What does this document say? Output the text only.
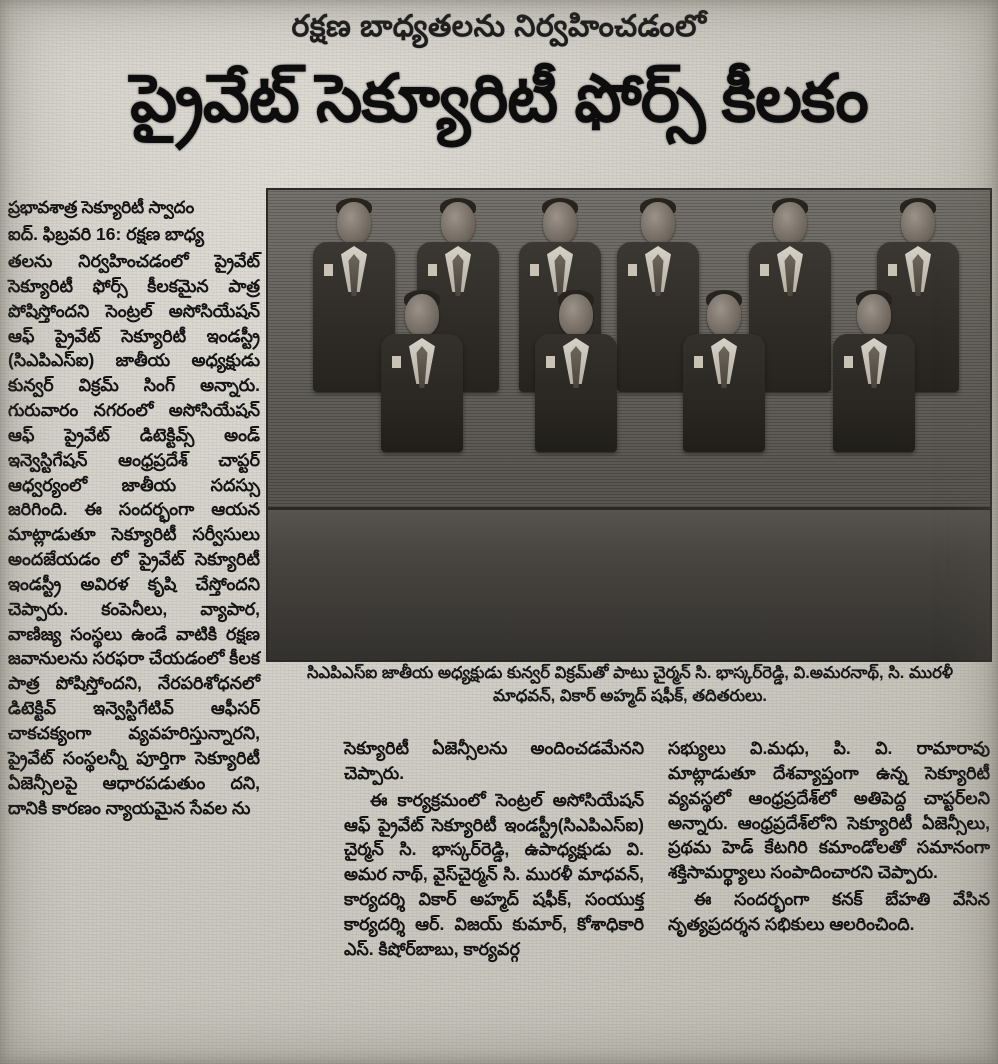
రక్షణ బాధ్యతలను నిర్వహించడంలో
ప్రైవేట్ సెక్యూరిటీ ఫోర్స్ కీలకం
సిఎపిఎస్ఐ జాతీయ అధ్యక్షుడు కున్వర్ విక్రమ్‌తో పాటు చైర్మన్ సి. భాస్కర్‌రెడ్డి, వి.అమరనాథ్, సి. మురళీ మాధవన్, వికార్ అహ్మద్ షఫీక్, తదితరులు.

ప్రభావశాత్ర సెక్యూరిటీ స్వాదం

ఐద్. ఫిబ్రవరి 16: రక్షణ బాధ్య

తలను నిర్వహించడంలో ప్రైవేట్ సెక్యూరిటీ ఫోర్స్ కీలకమైన పాత్ర పోషిస్తోందని సెంట్రల్ అసోసియేషన్ ఆఫ్ ప్రైవేట్ సెక్యూరిటీ ఇండస్ట్రీ (సిఎపిఎస్ఐ) జాతీయ అధ్యక్షుడు కున్వర్ విక్రమ్ సింగ్ అన్నారు. గురువారం నగరంలో అసోసియేషన్ ఆఫ్ ప్రైవేట్ డిటెక్టివ్స్ అండ్ ఇన్వెస్టిగేషన్ ఆంధ్రప్రదేశ్ చాప్టర్ ఆధ్వర్యంలో జాతీయ సదస్సు జరిగింది. ఈ సందర్భంగా ఆయన మాట్లాడుతూ సెక్యూరిటీ సర్వీసులు అందజేయడం లో ప్రైవేట్ సెక్యూరిటీ ఇండస్ట్రీ అవిరళ కృషి చేస్తోందని చెప్పారు. కంపెనీలు, వ్యాపార, వాణిజ్య సంస్థలు ఉండే వాటికి రక్షణ జవానులను సరఫరా చేయడంలో కీలక పాత్ర పోషిస్తోందని, నేరపరిశోధనలో డిటెక్టివ్ ఇన్వెస్టిగేటివ్ ఆఫీసర్ చాకచక్యంగా వ్యవహరిస్తున్నారని, ప్రైవేట్ సంస్థలన్నీ పూర్తిగా సెక్యూరిటీ ఏజెన్సీలపై ఆధారపడుతుం దని, దానికి కారణం న్యాయమైన సేవల ను

సెక్యూరిటీ ఏజెన్సీలను అందించడమేనని చెప్పారు.

ఈ కార్యక్రమంలో సెంట్రల్ అసోసియేషన్ ఆఫ్ ప్రైవేట్ సెక్యూరిటీ ఇండస్ట్రీ(సిఎపిఎస్ఐ) చైర్మన్ సి. భాస్కర్‌రెడ్డి, ఉపాధ్యక్షుడు వి. అమర నాథ్, వైస్‌చైర్మన్ సి. మురళీ మాధవన్, కార్యదర్శి వికార్ అహ్మద్ షఫీక్, సంయుక్త కార్యదర్శి ఆర్. విజయ్ కుమార్, కోశాధికారి ఎస్. కిషోర్‌బాబు, కార్యవర్గ

సభ్యులు వి.మధు, పి. వి. రామారావు మాట్లాడుతూ దేశవ్యాప్తంగా ఉన్న సెక్యూరిటీ వ్యవస్థలో ఆంధ్రప్రదేశ్‌లో అతిపెద్ద చాప్టర్‌లని అన్నారు. ఆంధ్రప్రదేశ్‌లోని సెక్యూరిటీ ఏజెన్సీలు, ప్రథమ హెడ్ కేటగిరి కమాండోలతో సమానంగా శక్తిసామర్థ్యాలు సంపాదించారని చెప్పారు.

ఈ సందర్భంగా కనక్ బేహతి వేసిన నృత్యప్రదర్శన సభికులు ఆలరించింది.
